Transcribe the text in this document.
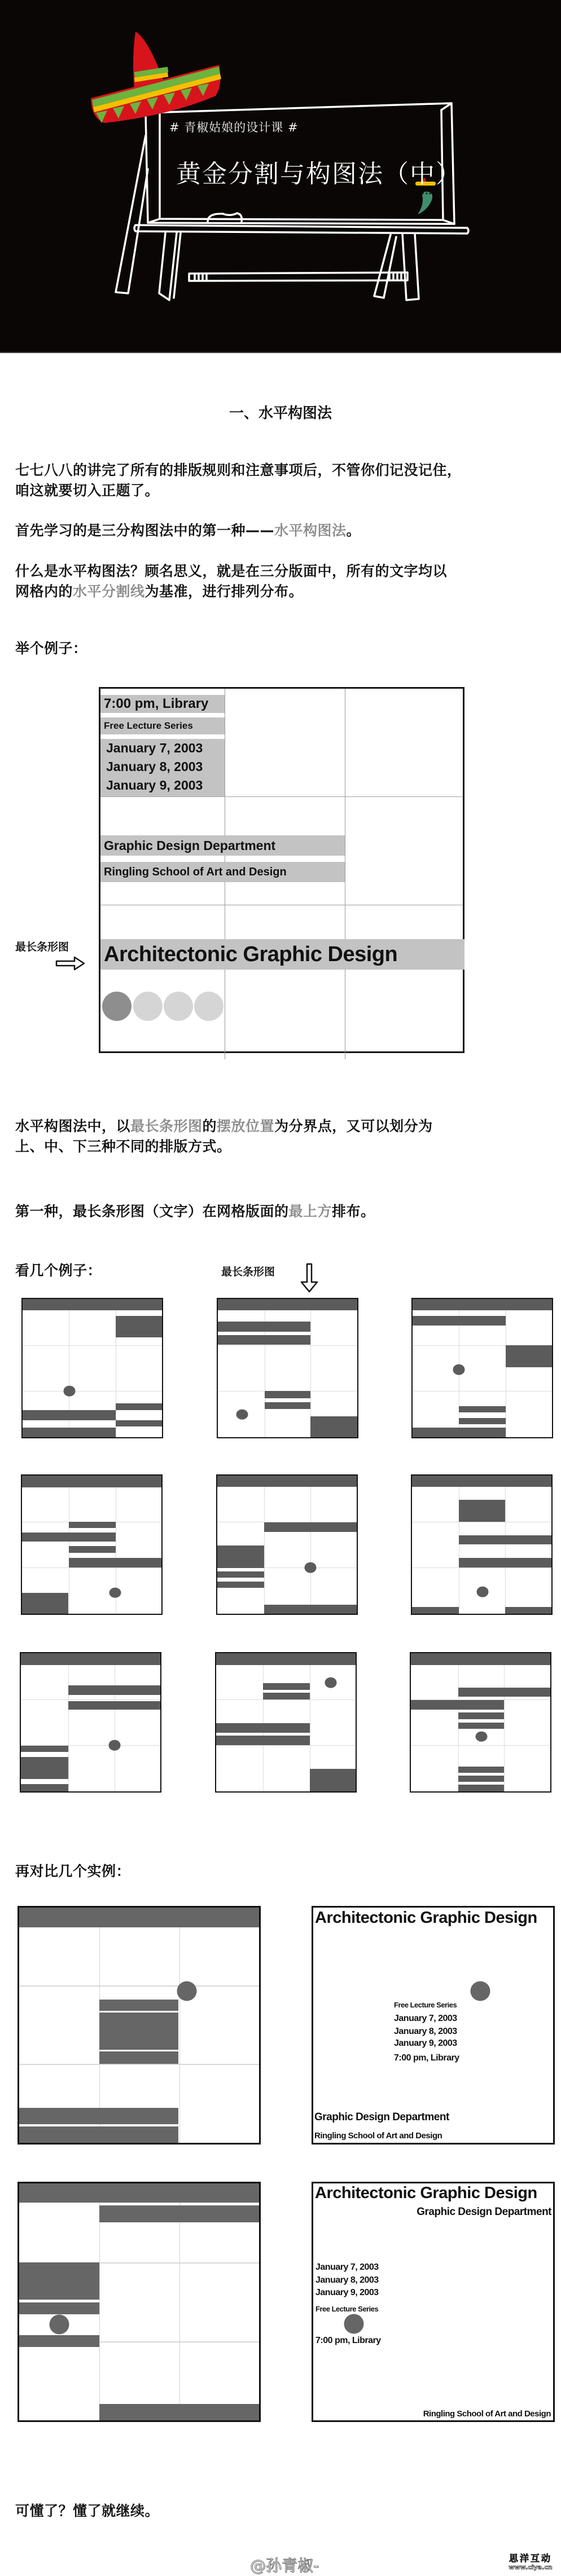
# 青椒姑娘的设计课 #
黄金分割与构图法（中）
一、水平构图法
七七八八的讲完了所有的排版规则和注意事项后，不管你们记没记住，
咱这就要切入正题了。
首先学习的是三分构图法中的第一种——水平构图法。
什么是水平构图法？顾名思义，就是在三分版面中，所有的文字均以
网格内的水平分割线为基准，进行排列分布。
举个例子：
最长条形图
7:00 pm, Library
Free Lecture Series
January 7, 2003
January 8, 2003
January 9, 2003
Graphic Design Department
Ringling School of Art and Design
Architectonic Graphic Design
水平构图法中，以最长条形图的摆放位置为分界点，又可以划分为
上、中、下三种不同的排版方式。
第一种，最长条形图（文字）在网格版面的最上方排布。
看几个例子：	最长条形图
再对比几个实例：
Architectonic Graphic Design
Free Lecture Series
January 7, 2003
January 8, 2003
January 9, 2003
7:00 pm, Library
Graphic Design Department
Ringling School of Art and Design
Architectonic Graphic Design
Graphic Design Department
January 7, 2003
January 8, 2003
January 9, 2003
Free Lecture Series
7:00 pm, Library
Ringling School of Art and Design
可懂了？懂了就继续。
@孙青椒-	思洋互动
www.ciya.cn
